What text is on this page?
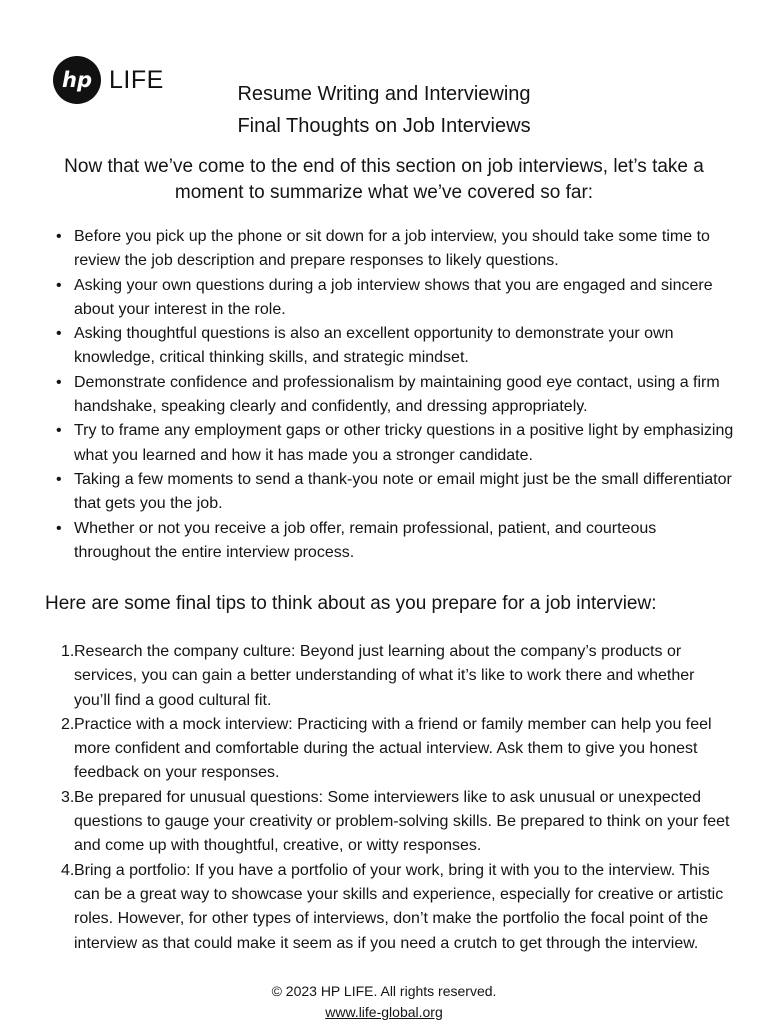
hp LIFE
Resume Writing and Interviewing
Final Thoughts on Job Interviews
Now that we’ve come to the end of this section on job interviews, let’s take a moment to summarize what we’ve covered so far:
• Before you pick up the phone or sit down for a job interview, you should take some time to review the job description and prepare responses to likely questions.
• Asking your own questions during a job interview shows that you are engaged and sincere about your interest in the role.
• Asking thoughtful questions is also an excellent opportunity to demonstrate your own knowledge, critical thinking skills, and strategic mindset.
• Demonstrate confidence and professionalism by maintaining good eye contact, using a firm handshake, speaking clearly and confidently, and dressing appropriately.
• Try to frame any employment gaps or other tricky questions in a positive light by emphasizing what you learned and how it has made you a stronger candidate.
• Taking a few moments to send a thank-you note or email might just be the small differentiator that gets you the job.
• Whether or not you receive a job offer, remain professional, patient, and courteous throughout the entire interview process.
Here are some final tips to think about as you prepare for a job interview:
1. Research the company culture: Beyond just learning about the company’s products or services, you can gain a better understanding of what it’s like to work there and whether you’ll find a good cultural fit.
2. Practice with a mock interview: Practicing with a friend or family member can help you feel more confident and comfortable during the actual interview. Ask them to give you honest feedback on your responses.
3. Be prepared for unusual questions: Some interviewers like to ask unusual or unexpected questions to gauge your creativity or problem-solving skills. Be prepared to think on your feet and come up with thoughtful, creative, or witty responses.
4. Bring a portfolio: If you have a portfolio of your work, bring it with you to the interview. This can be a great way to showcase your skills and experience, especially for creative or artistic roles. However, for other types of interviews, don’t make the portfolio the focal point of the interview as that could make it seem as if you need a crutch to get through the interview.
© 2023 HP LIFE. All rights reserved.
www.life-global.org
